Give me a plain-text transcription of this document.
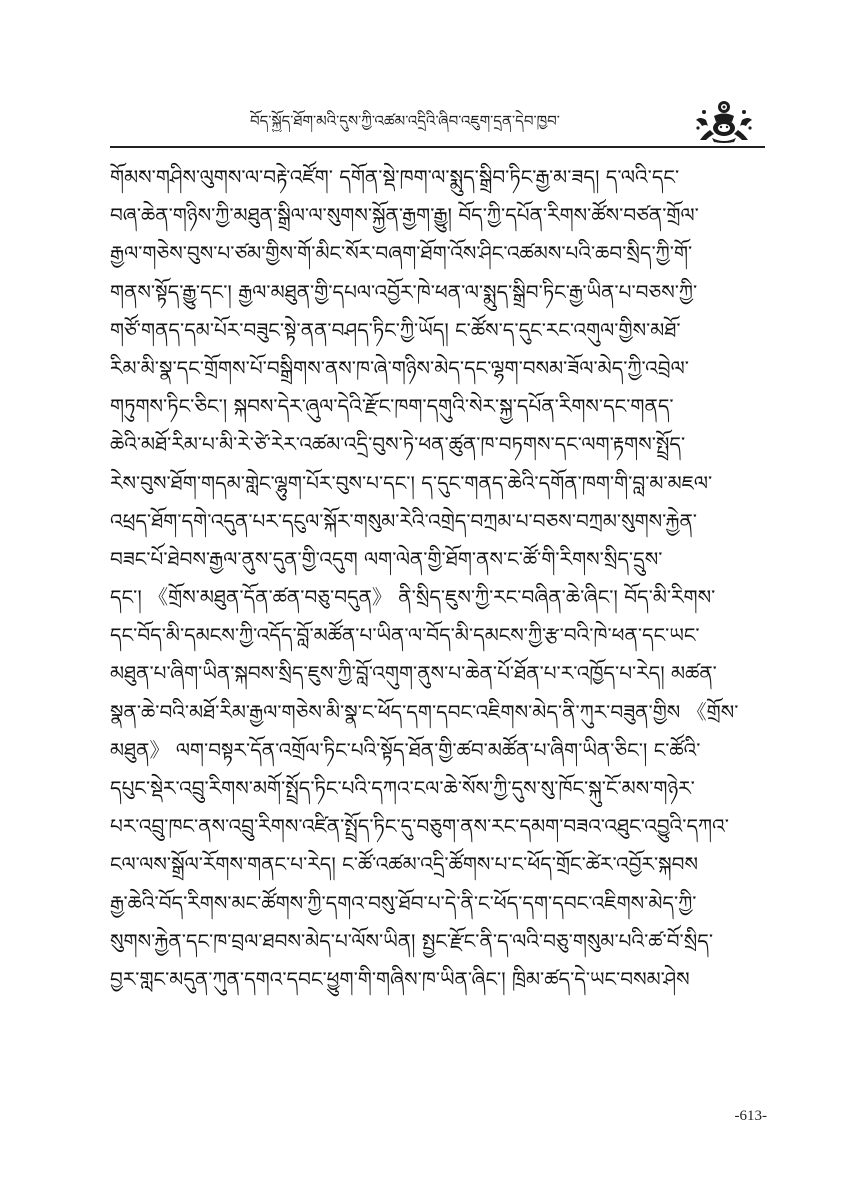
བོད་སྐྱོད་ཐོག་མའི་དུས་ཀྱི་འཚམ་འདྲིའི་ཞིབ་འཇུག་དྲན་དེབ་ཁྱབ་
གོམས་གཤིས་ལུགས་ལ་བརྟེ་འཛོག་ དགོན་སྡེ་ཁག་ལ་སྨུད་སྒྲིབ་ཏིང་རྒྱ་མ་ཟད། ད་ལའི་དང་
བཞ་ཆེན་གཉིས་ཀྱི་མཐུན་སྒྲིལ་ལ་སུགས་སྐྱོན་རྒྱག་རྒྱུ། བོད་ཀྱི་དཔོན་རིགས་ཚོས་བཙན་གྲོལ་
རྒྱལ་གཅེས་བུས་པ་ཙམ་གྱིས་གོ་མིང་སོར་བཞག་ཐོག་འོས་ཤིང་འཚམས་པའི་ཆབ་སྲིད་ཀྱི་གོ་
གནས་སྟོད་རྒྱུ་དང་། རྒྱལ་མཐུན་གྱི་དཔལ་འབྱོར་ཁེ་ཕན་ལ་སྨུད་སྒྲིབ་ཏིང་རྒྱ་ཡིན་པ་བཅས་ཀྱི་
གཙོ་གནད་དམ་པོར་བཟུང་སྟེ་ནན་བཤད་ཏིང་ཀྱི་ཡོད། ང་ཚོས་ད་དུང་རང་འགུལ་གྱིས་མཐོ་
རིམ་མི་སྣ་དང་གྲོགས་པོ་བསྒྲིགས་ནས་ཁ་ཞེ་གཉིས་མེད་དང་ལྷག་བསམ་ཟོལ་མེད་ཀྱི་འབྲེལ་
གཏུགས་ཏིང་ཅིང་། སྐབས་དེར་ཞུལ་དེའི་རྫོང་ཁག་དགུའི་སེར་སྐྱ་དཔོན་རིགས་དང་གནད་
ཆེའི་མཐོ་རིམ་པ་མི་རེ་ཙེ་རེར་འཚམ་འདྲི་བུས་ཏེ་ཕན་ཚུན་ཁ་བཏགས་དང་ལག་རྟགས་སྤྲོད་
རེས་བུས་ཐོག་གདམ་གླེང་ལྷུག་པོར་བུས་པ་དང་། ད་དུང་གནད་ཆེའི་དགོན་ཁག་གི་བླ་མ་མཇལ་
འཕྲད་ཐོག་དགེ་འདུན་པར་དངུལ་སྐོར་གསུམ་རེའི་འགྲེད་བཀྲམ་པ་བཅས་བཀྲམ་སུགས་རྐྱེན་
བཟང་པོ་ཐེབས་རྒྱལ་ནུས་དུན་གྱི་འདུག ལག་ལེན་གྱི་ཐོག་ནས་ང་ཚོ་གི་རིགས་སྲིད་དྲུས་
དང་། 《གྲོས་མཐུན་དོན་ཚན་བཅུ་བདུན》 ནི་སྲིད་ཇུས་ཀྱི་རང་བཞིན་ཆེ་ཞིང་། བོད་མི་རིགས་
དང་བོད་མི་དམངས་ཀྱི་འདོད་བློ་མཚོན་པ་ཡིན་ལ་བོད་མི་དམངས་ཀྱི་རྩ་བའི་ཁེ་ཕན་དང་ཡང་
མཐུན་པ་ཞིག་ཡིན་སྐབས་སྲིད་ཇུས་ཀྱི་བློ་འགུག་ནུས་པ་ཆེན་པོ་ཐོན་པ་ར་འཁྱོད་པ་རེད། མཚན་
སྣན་ཆེ་བའི་མཐོ་རིམ་རྒྱལ་གཅེས་མི་སྣ་ང་ཕོད་དག་དབང་འཇིགས་མེད་ནི་ཀུར་བཟུན་གྱིས 《གྲོས་
མཐུན》 ལག་བསྟར་དོན་འགྲོལ་ཏིང་པའི་སྟོད་ཐོན་གྱི་ཚབ་མཚོན་པ་ཞིག་ཡིན་ཅིང་། ང་ཚོའི་
དཔུང་སྡེར་འབྲུ་རིགས་མགོ་སྤྲོད་ཏིང་པའི་དཀའ་ངལ་ཆེ་སོས་ཀྱི་དུས་སུ་ཁོང་སྐུ་ངོ་མས་གཉེར་
པར་འབྲུ་ཁང་ནས་འབྲུ་རིགས་འཛིན་སྤྲོད་ཏིང་དུ་བཅུག་ནས་རང་དམག་བཟའ་འཐུང་འབྱུའི་དཀའ་
ངལ་ལས་སྒྲོལ་རོགས་གནང་པ་རེད། ང་ཚོ་འཚམ་འདྲི་ཚོགས་པ་ང་ཕོད་གྲོང་ཚེར་འབྱོར་སྐབས
རྒྱ་ཆེའི་བོད་རིགས་མང་ཚོགས་ཀྱི་དགའ་བསུ་ཐོབ་པ་དེ་ནི་ང་ཕོད་དག་དབང་འཇིགས་མེད་ཀྱི་
སུགས་རྐྱེན་དང་ཁ་བྲལ་ཐབས་མེད་པ་ལོས་ཡིན། སྤྱང་རྫོང་ནི་ད་ལའི་བཅུ་གསུམ་པའི་ཚ་བོ་སྲིད་
བྱར་གླང་མདུན་ཀུན་དགའ་དབང་ཕྱུག་གི་གཞིས་ཁ་ཡིན་ཞིང་། ཁྲིམ་ཚད་དེ་ཡང་བསམ་ཤེས
-613-
